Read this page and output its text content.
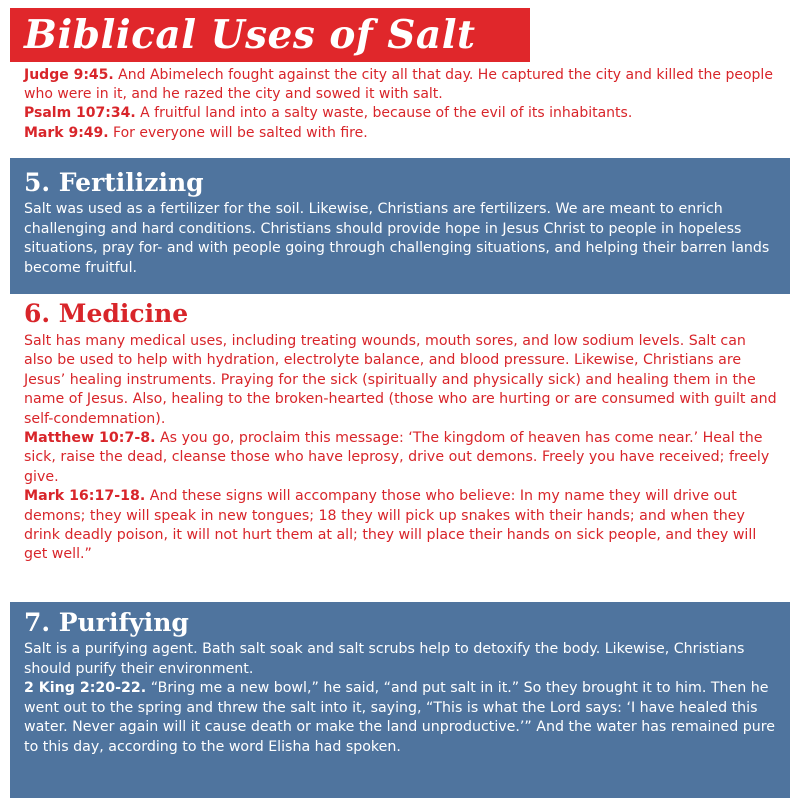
Biblical Uses of Salt

Judge 9:45. And Abimelech fought against the city all that day. He captured the city and killed the people who were in it, and he razed the city and sowed it with salt.

Psalm 107:34. A fruitful land into a salty waste, because of the evil of its inhabitants.

Mark 9:49. For everyone will be salted with fire.

5. Fertilizing

Salt was used as a fertilizer for the soil. Likewise, Christians are fertilizers. We are meant to enrich challenging and hard conditions. Christians should provide hope in Jesus Christ to people in hopeless situations, pray for- and with people going through challenging situations, and helping their barren lands become fruitful.

6. Medicine

Salt has many medical uses, including treating wounds, mouth sores, and low sodium levels. Salt can also be used to help with hydration, electrolyte balance, and blood pressure. Likewise, Christians are Jesus’ healing instruments. Praying for the sick (spiritually and physically sick) and healing them in the name of Jesus. Also, healing to the broken-hearted (those who are hurting or are consumed with guilt and self-condemnation).

Matthew 10:7-8. As you go, proclaim this message: ‘The kingdom of heaven has come near.’ Heal the sick, raise the dead, cleanse those who have leprosy, drive out demons. Freely you have received; freely give.

Mark 16:17-18. And these signs will accompany those who believe: In my name they will drive out demons; they will speak in new tongues; 18 they will pick up snakes with their hands; and when they drink deadly poison, it will not hurt them at all; they will place their hands on sick people, and they will get well.”

7. Purifying

Salt is a purifying agent. Bath salt soak and salt scrubs help to detoxify the body. Likewise, Christians should purify their environment.

2 King 2:20-22. “Bring me a new bowl,” he said, “and put salt in it.” So they brought it to him. Then he went out to the spring and threw the salt into it, saying, “This is what the Lord says: ‘I have healed this water. Never again will it cause death or make the land unproductive.’” And the water has remained pure to this day, according to the word Elisha had spoken.
